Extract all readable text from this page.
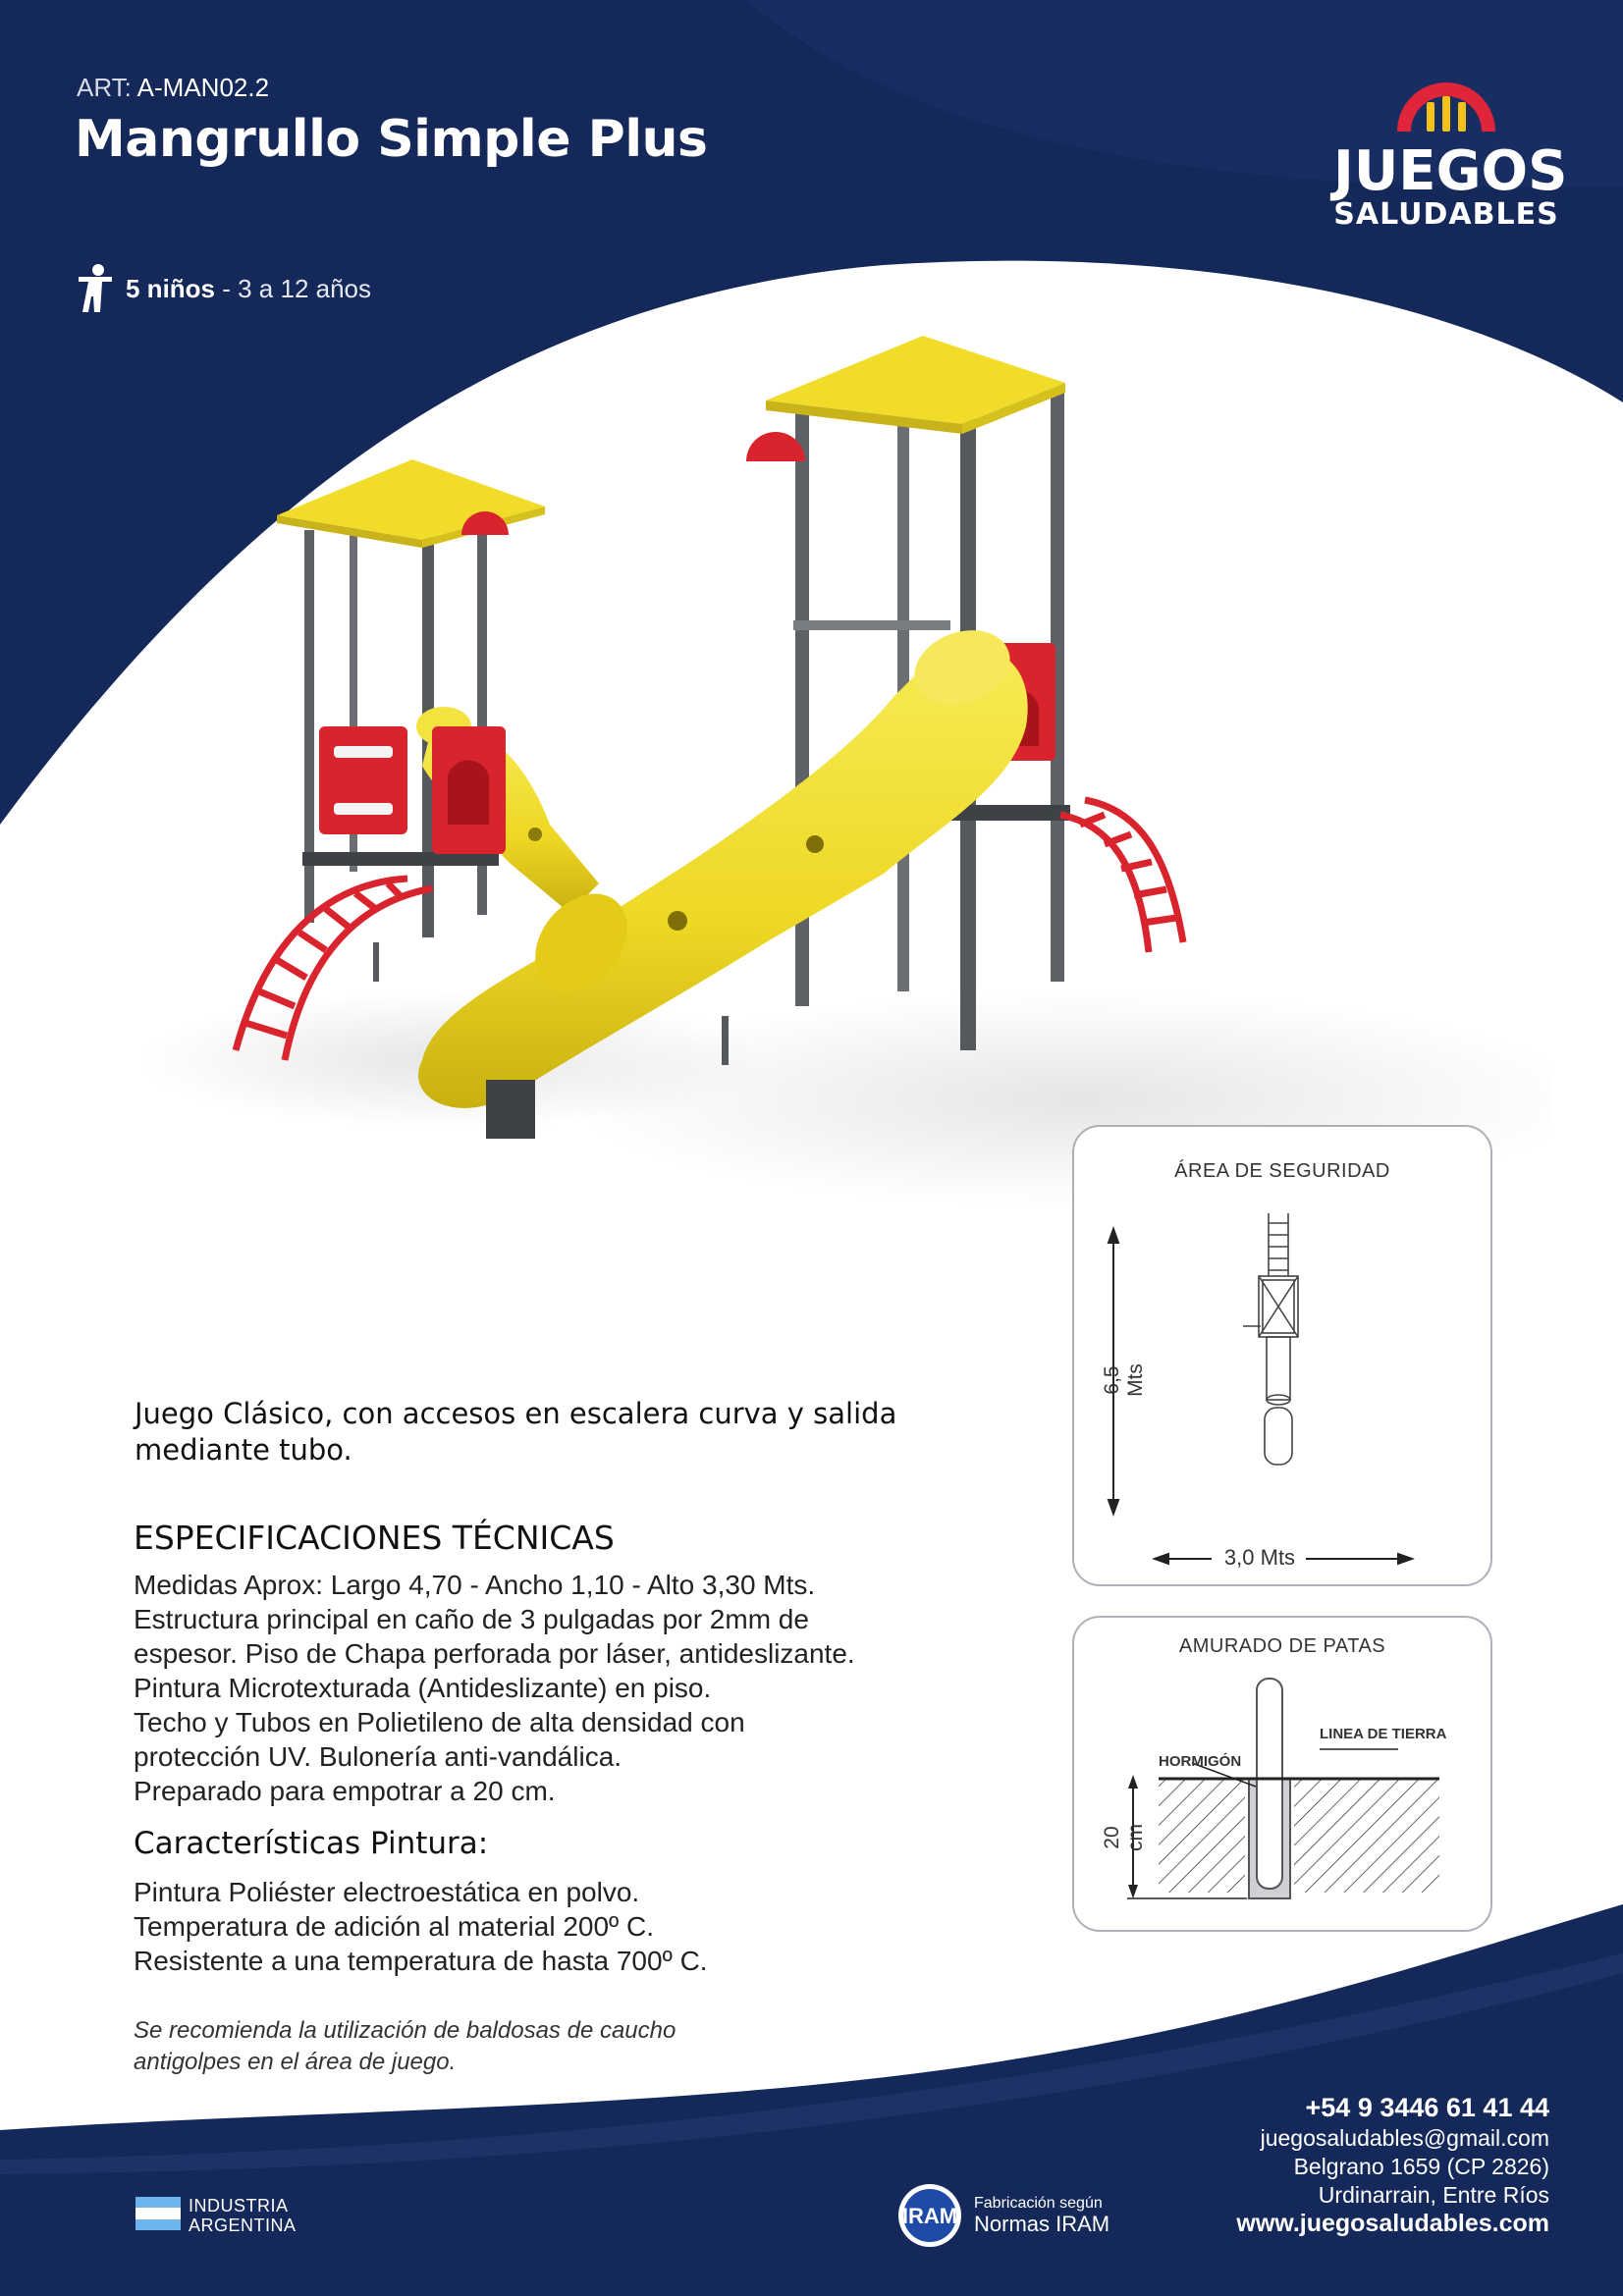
ART: A-MAN02.2
Mangrullo Simple Plus
5 niños - 3 a 12 años
JUEGOS
SALUDABLES
Juego Clásico, con accesos en escalera curva y salida
mediante tubo.
ESPECIFICACIONES TÉCNICAS
Medidas Aprox: Largo 4,70 - Ancho 1,10 - Alto 3,30 Mts.
Estructura principal en caño de 3 pulgadas por 2mm de
espesor. Piso de Chapa perforada por láser, antideslizante.
Pintura Microtexturada (Antideslizante) en piso.
Techo y Tubos en Polietileno de alta densidad con
protección UV. Bulonería anti-vandálica.
Preparado para empotrar a 20 cm.
Características Pintura:
Pintura Poliéster electroestática en polvo.
Temperatura de adición al material 200º C.
Resistente a una temperatura de hasta 700º C.
Se recomienda la utilización de baldosas de caucho
antigolpes en el área de juego.
ÁREA DE SEGURIDAD
6,5 Mts
3,0 Mts
AMURADO DE PATAS
HORMIGÓN
LINEA DE TIERRA
20 cm
INDUSTRIA
ARGENTINA	IRAM
Fabricación según
Normas IRAM
+54 9 3446 61 41 44
juegosaludables@gmail.com
Belgrano 1659 (CP 2826)
Urdinarrain, Entre Ríos
www.juegosaludables.com
